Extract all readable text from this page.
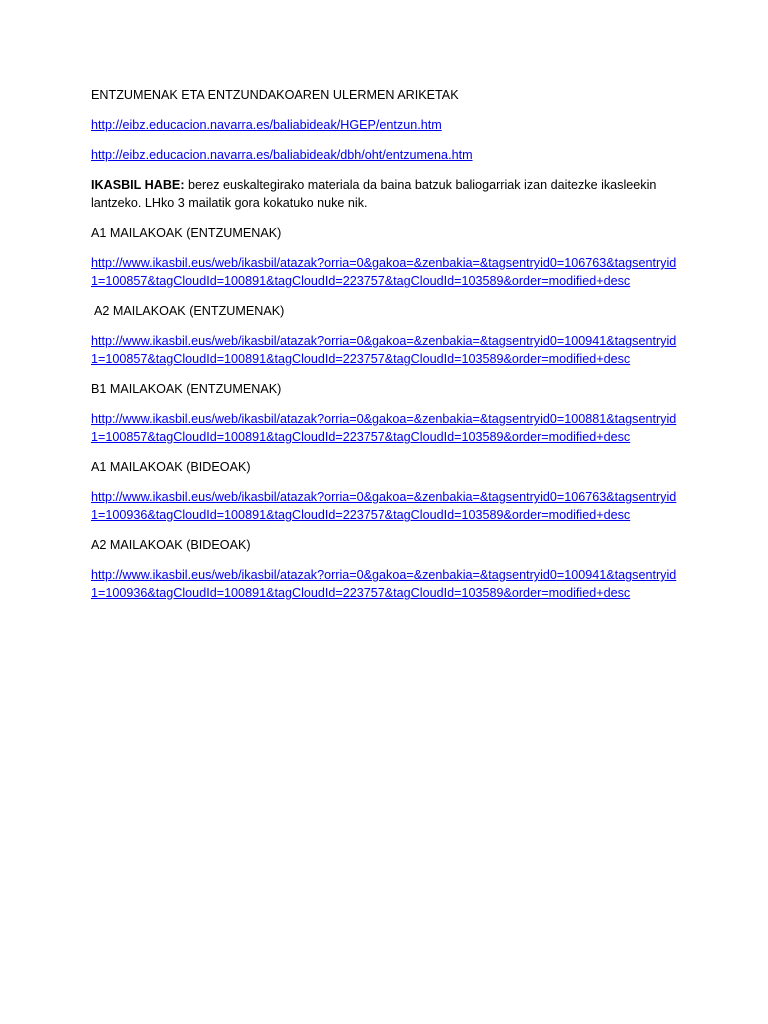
ENTZUMENAK ETA ENTZUNDAKOAREN ULERMEN ARIKETAK

http://eibz.educacion.navarra.es/baliabideak/HGEP/entzun.htm

http://eibz.educacion.navarra.es/baliabideak/dbh/oht/entzumena.htm

IKASBIL HABE: berez euskaltegirako materiala da baina batzuk baliogarriak izan daitezke ikasleekin lantzeko. LHko 3 mailatik gora kokatuko nuke nik.

A1 MAILAKOAK (ENTZUMENAK)

http://www.ikasbil.eus/web/ikasbil/atazak?orria=0&gakoa=&zenbakia=&tagsentryid0=106763&tagsentryid1=100857&tagCloudId=100891&tagCloudId=223757&tagCloudId=103589&order=modified+desc

A2 MAILAKOAK (ENTZUMENAK)

http://www.ikasbil.eus/web/ikasbil/atazak?orria=0&gakoa=&zenbakia=&tagsentryid0=100941&tagsentryid1=100857&tagCloudId=100891&tagCloudId=223757&tagCloudId=103589&order=modified+desc

B1 MAILAKOAK (ENTZUMENAK)

http://www.ikasbil.eus/web/ikasbil/atazak?orria=0&gakoa=&zenbakia=&tagsentryid0=100881&tagsentryid1=100857&tagCloudId=100891&tagCloudId=223757&tagCloudId=103589&order=modified+desc

A1 MAILAKOAK (BIDEOAK)

http://www.ikasbil.eus/web/ikasbil/atazak?orria=0&gakoa=&zenbakia=&tagsentryid0=106763&tagsentryid1=100936&tagCloudId=100891&tagCloudId=223757&tagCloudId=103589&order=modified+desc

A2 MAILAKOAK (BIDEOAK)

http://www.ikasbil.eus/web/ikasbil/atazak?orria=0&gakoa=&zenbakia=&tagsentryid0=100941&tagsentryid1=100936&tagCloudId=100891&tagCloudId=223757&tagCloudId=103589&order=modified+desc
